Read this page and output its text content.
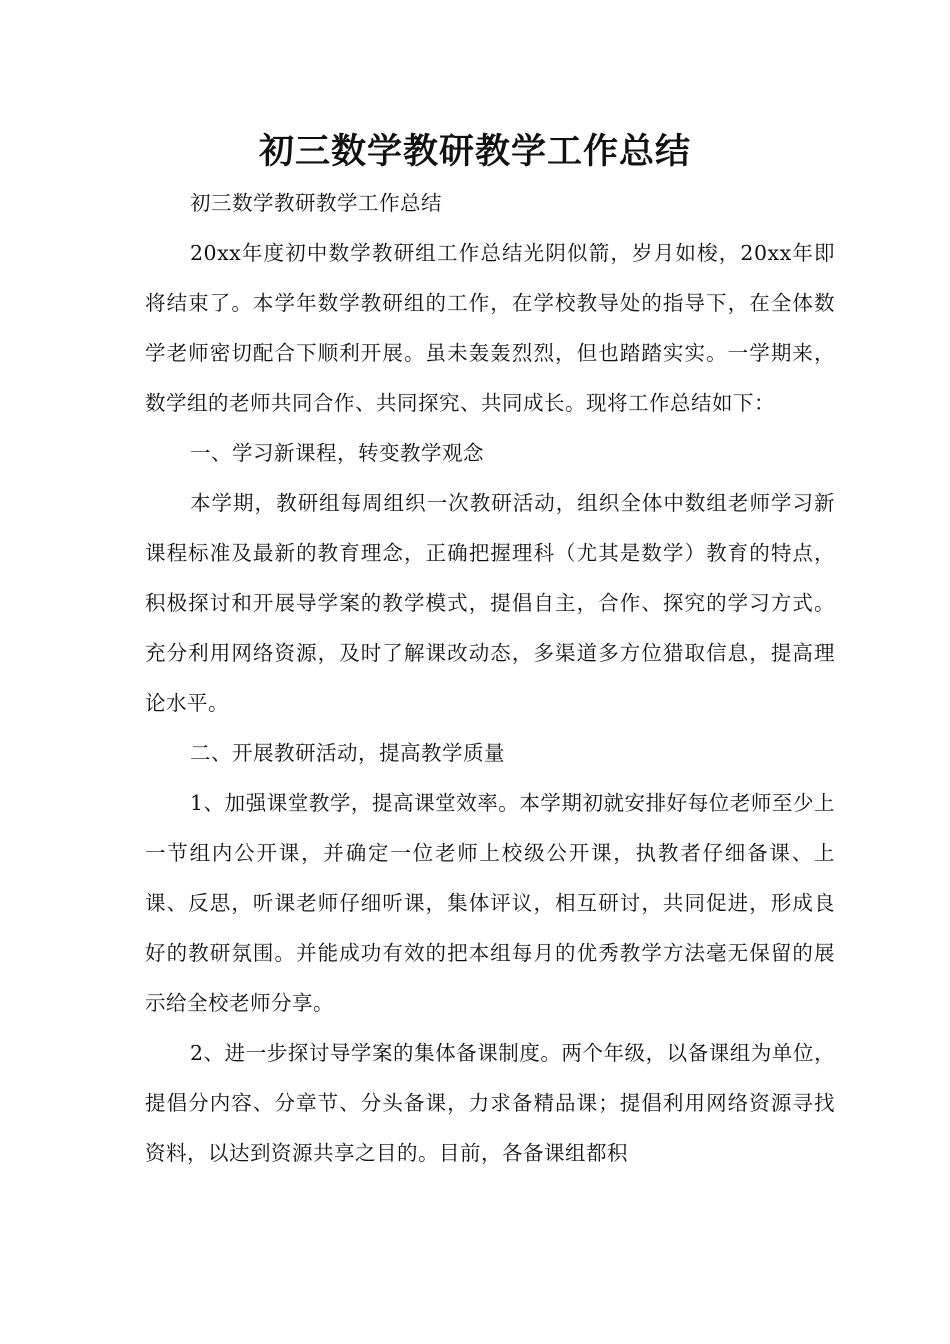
初三数学教研教学工作总结

初三数学教研教学工作总结

20xx年度初中数学教研组工作总结光阴似箭，岁月如梭，20xx年即将结束了。本学年数学教研组的工作，在学校教导处的指导下，在全体数学老师密切配合下顺利开展。虽未轰轰烈烈，但也踏踏实实。一学期来，数学组的老师共同合作、共同探究、共同成长。现将工作总结如下：

一、学习新课程，转变教学观念

本学期，教研组每周组织一次教研活动，组织全体中数组老师学习新课程标准及最新的教育理念，正确把握理科（尤其是数学）教育的特点，积极探讨和开展导学案的教学模式，提倡自主，合作、探究的学习方式。充分利用网络资源，及时了解课改动态，多渠道多方位猎取信息，提高理论水平。

二、开展教研活动，提高教学质量

1、加强课堂教学，提高课堂效率。本学期初就安排好每位老师至少上一节组内公开课，并确定一位老师上校级公开课，执教者仔细备课、上课、反思，听课老师仔细听课，集体评议，相互研讨，共同促进，形成良好的教研氛围。并能成功有效的把本组每月的优秀教学方法毫无保留的展示给全校老师分享。

2、进一步探讨导学案的集体备课制度。两个年级，以备课组为单位，提倡分内容、分章节、分头备课，力求备精品课；提倡利用网络资源寻找资料，以达到资源共享之目的。目前，各备课组都积
